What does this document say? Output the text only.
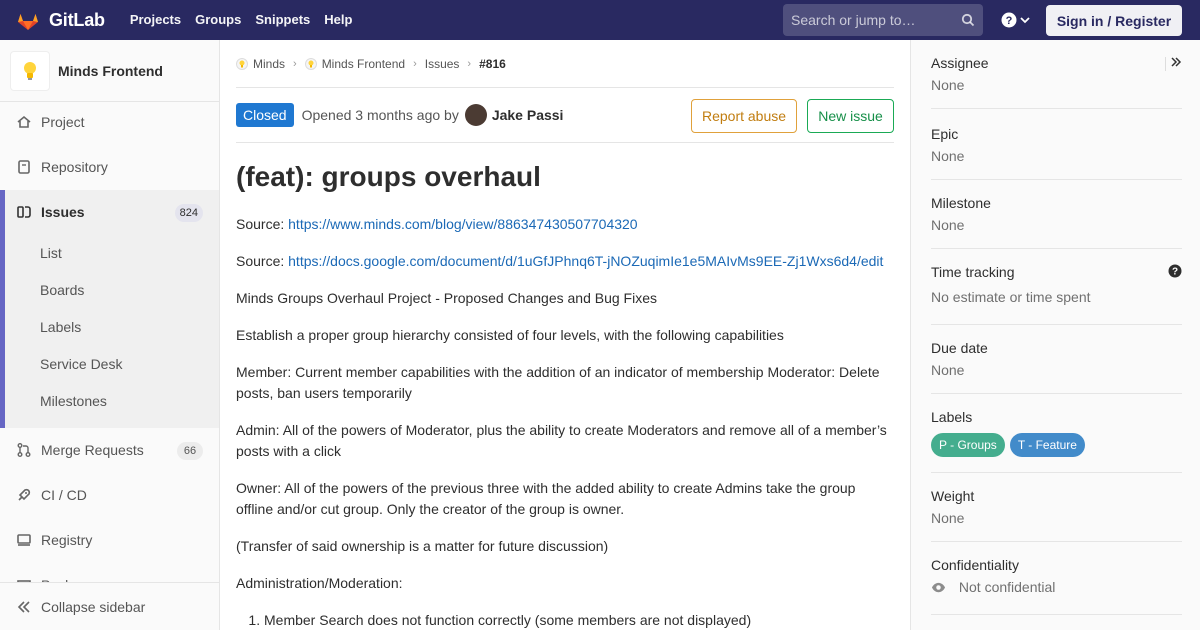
GitLab	Projects	Groups	Snippets	Help	Search or jump to…	?	Sign in / Register
Minds Frontend
Project
Repository
Issues	824
List
Boards
Labels
Service Desk
Milestones
Merge Requests	66
CI / CD
Registry
Collapse sidebar
Minds › Minds Frontend › Issues › #816
Closed	Opened 3 months ago by Jake Passi	Report abuse	New issue
(feat): groups overhaul

Source: https://www.minds.com/blog/view/886347430507704320

Source: https://docs.google.com/document/d/1uGfJPhnq6T-jNOZuqimIe1e5MAIvMs9EE-Zj1Wxs6d4/edit

Minds Groups Overhaul Project - Proposed Changes and Bug Fixes

Establish a proper group hierarchy consisted of four levels, with the following capabilities

Member: Current member capabilities with the addition of an indicator of membership Moderator: Delete posts, ban users temporarily

Admin: All of the powers of Moderator, plus the ability to create Moderators and remove all of a member’s posts with a click

Owner: All of the powers of the previous three with the added ability to create Admins take the group offline and/or cut group. Only the creator of the group is owner.

(Transfer of said ownership is a matter for future discussion)

Administration/Moderation:

1. Member Search does not function correctly (some members are not displayed)
Assignee
None
Epic
None
Milestone
None
Time tracking	?
No estimate or time spent
Due date
None
Labels
P - Groups	T - Feature
Weight
None
Confidentiality
Not confidential
